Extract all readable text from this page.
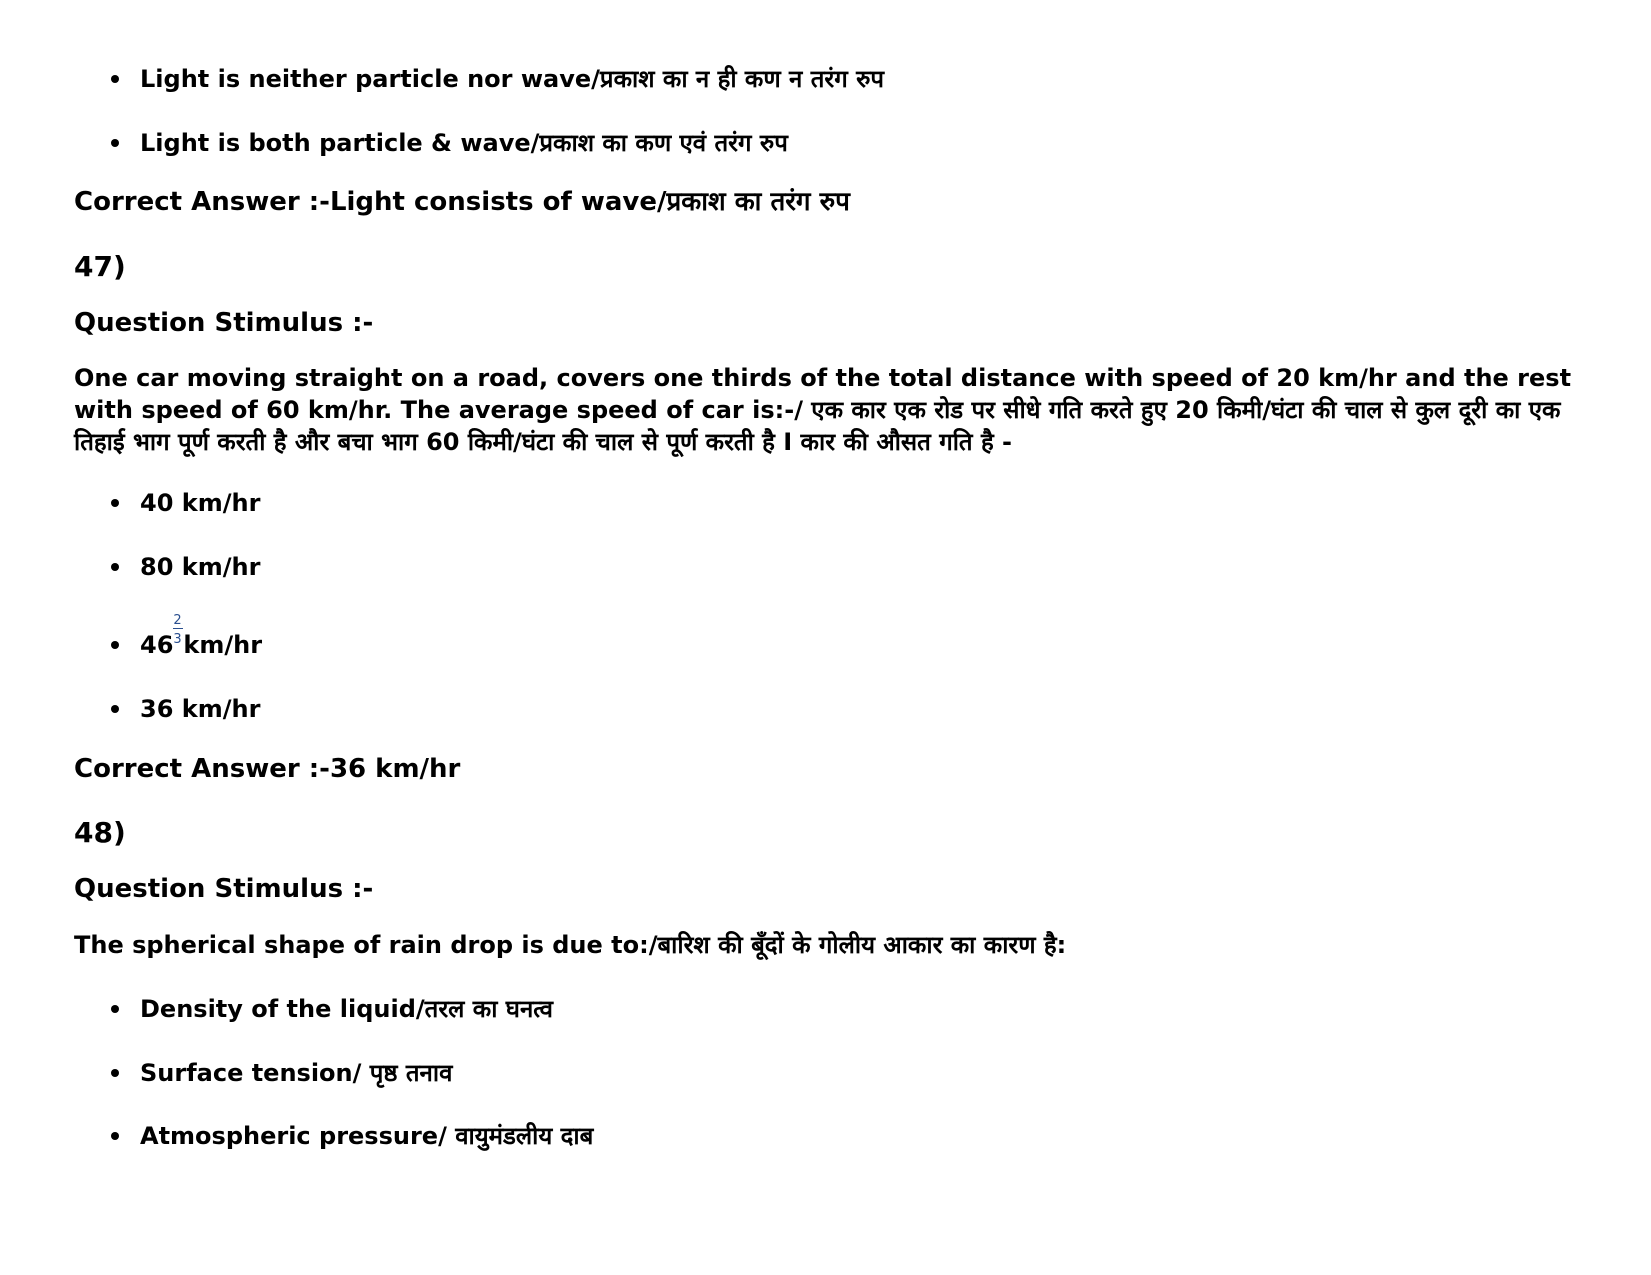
Light is neither particle nor wave/प्रकाश का न ही कण न तरंग रुप
Light is both particle & wave/प्रकाश का कण एवं तरंग रुप
Correct Answer :-Light consists of wave/प्रकाश का तरंग रुप
47)
Question Stimulus :-
One car moving straight on a road, covers one thirds of the total distance with speed of 20 km/hr and the rest with speed of 60 km/hr. The average speed of car is:-/ एक कार एक रोड पर सीधे गति करते हुए 20 किमी/घंटा की चाल से कुल दूरी का एक तिहाई भाग पूर्ण करती है और बचा भाग 60 किमी/घंटा की चाल से पूर्ण करती है I कार की औसत गति है -
40 km/hr
80 km/hr
$46 \frac{2}{3} km/hr$
36 km/hr
Correct Answer :-36 km/hr
48)
Question Stimulus :-
The spherical shape of rain drop is due to:/बारिश की बूँदों के गोलीय आकार का कारण है:
Density of the liquid/तरल का घनत्व
Surface tension/ पृष्ठ तनाव
Atmospheric pressure/ वायुमंडलीय दाब
